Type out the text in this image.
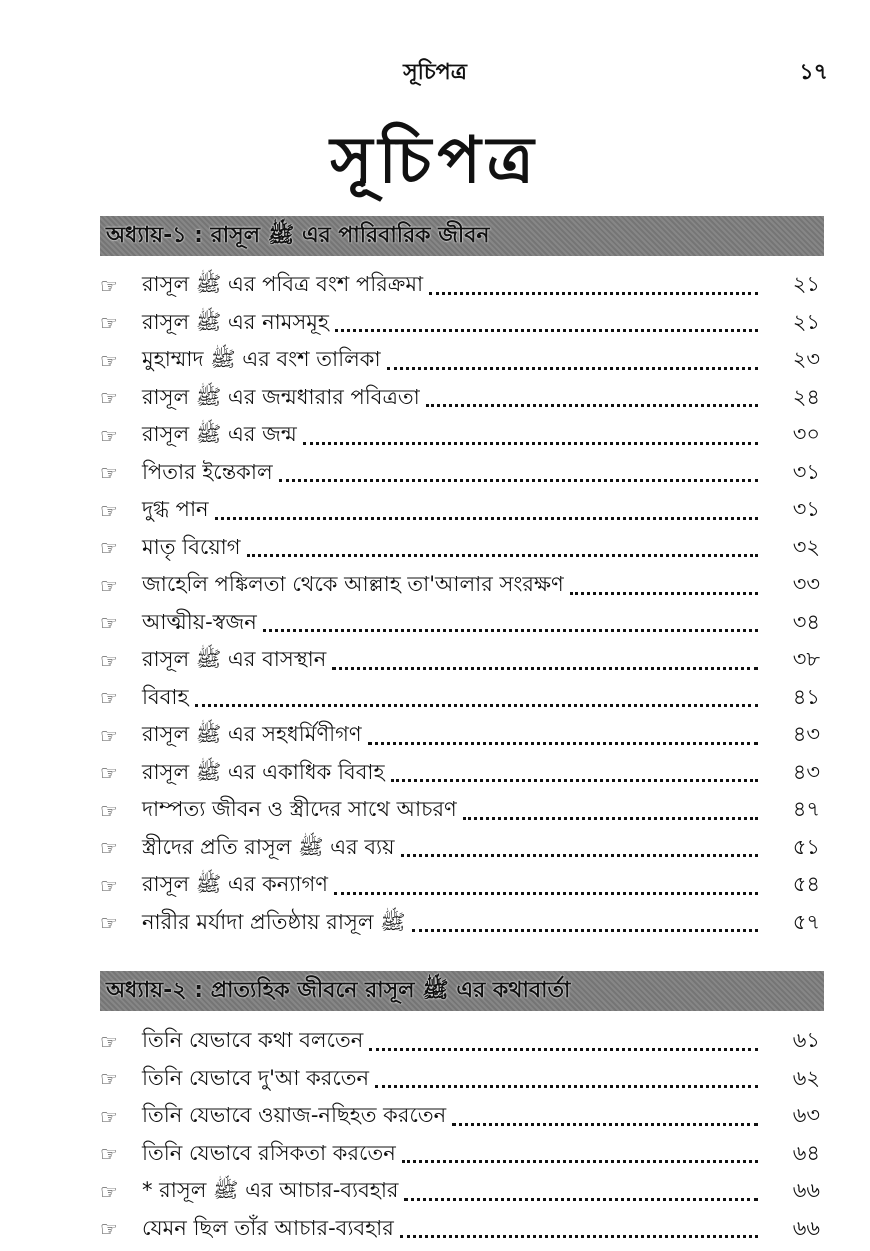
সূচিপত্র	১৭
সূচিপত্র
অধ্যায়-১ : রাসূল ﷺ এর পারিবারিক জীবন
☞	রাসূল ﷺ এর পবিত্র বংশ পরিক্রমা	২১
☞	রাসূল ﷺ এর নামসমূহ	২১
☞	মুহাম্মাদ ﷺ এর বংশ তালিকা	২৩
☞	রাসূল ﷺ এর জন্মধারার পবিত্রতা	২৪
☞	রাসূল ﷺ এর জন্ম	৩০
☞	পিতার ইন্তেকাল	৩১
☞	দুগ্ধ পান	৩১
☞	মাতৃ বিয়োগ	৩২
☞	জাহেলি পঙ্কিলতা থেকে আল্লাহ তা'আলার সংরক্ষণ	৩৩
☞	আত্মীয়-স্বজন	৩৪
☞	রাসূল ﷺ এর বাসস্থান	৩৮
☞	বিবাহ	৪১
☞	রাসূল ﷺ এর সহধর্মিণীগণ	৪৩
☞	রাসূল ﷺ এর একাধিক বিবাহ	৪৩
☞	দাম্পত্য জীবন ও স্ত্রীদের সাথে আচরণ	৪৭
☞	স্ত্রীদের প্রতি রাসূল ﷺ এর ব্যয়	৫১
☞	রাসূল ﷺ এর কন্যাগণ	৫৪
☞	নারীর মর্যাদা প্রতিষ্ঠায় রাসূল ﷺ	৫৭
অধ্যায়-২ : প্রাত্যহিক জীবনে রাসূল ﷺ এর কথাবার্তা
☞	তিনি যেভাবে কথা বলতেন	৬১
☞	তিনি যেভাবে দু'আ করতেন	৬২
☞	তিনি যেভাবে ওয়াজ-নছিহত করতেন	৬৩
☞	তিনি যেভাবে রসিকতা করতেন	৬৪
☞	* রাসূল ﷺ এর আচার-ব্যবহার	৬৬
☞	যেমন ছিল তাঁর আচার-ব্যবহার	৬৬
